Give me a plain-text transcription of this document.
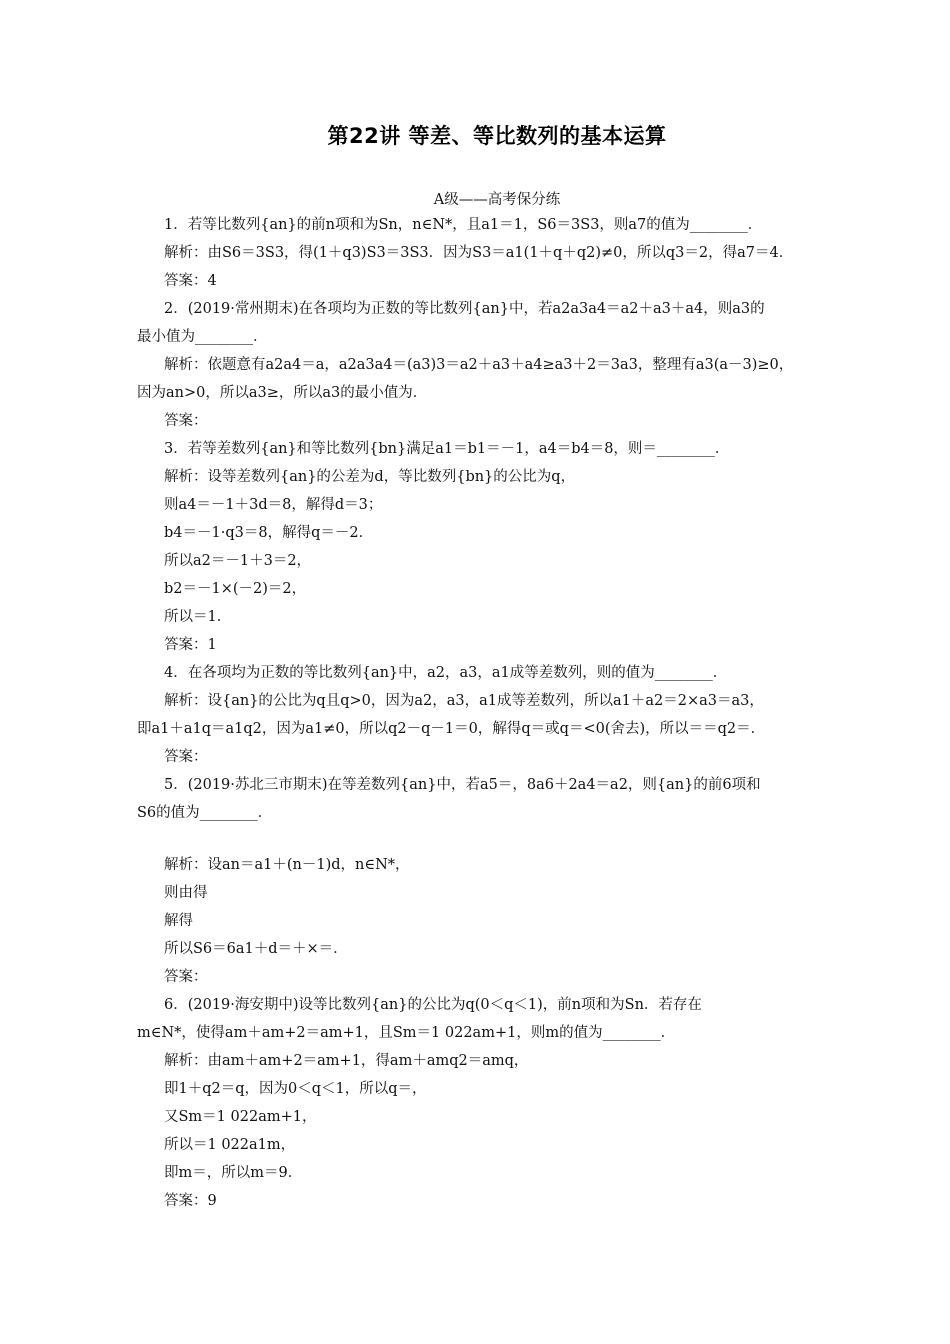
第22讲 等差、等比数列的基本运算
A级——高考保分练
1．若等比数列{an}的前n项和为Sn，n∈N*，且a1＝1，S6＝3S3，则a7的值为________．
解析：由S6＝3S3，得(1＋q3)S3＝3S3．因为S3＝a1(1＋q＋q2)≠0，所以q3＝2，得a7＝4．
答案：4
2．(2019·常州期末)在各项均为正数的等比数列{an}中，若a2a3a4＝a2＋a3＋a4，则a3的
最小值为________．
解析：依题意有a2a4＝a，a2a3a4＝(a3)3＝a2＋a3＋a4≥a3＋2＝3a3，整理有a3(a－3)≥0，
因为an>0，所以a3≥，所以a3的最小值为．
答案：
3．若等差数列{an}和等比数列{bn}满足a1＝b1＝－1，a4＝b4＝8，则＝________．
解析：设等差数列{an}的公差为d，等比数列{bn}的公比为q，
则a4＝－1＋3d＝8，解得d＝3；
b4＝－1·q3＝8，解得q＝－2．
所以a2＝－1＋3＝2，
b2＝－1×(－2)＝2，
所以＝1．
答案：1
4．在各项均为正数的等比数列{an}中，a2，a3，a1成等差数列，则的值为________．
解析：设{an}的公比为q且q>0，因为a2，a3，a1成等差数列，所以a1＋a2＝2×a3＝a3，
即a1＋a1q＝a1q2，因为a1≠0，所以q2－q－1＝0，解得q＝或q＝<0(舍去)，所以＝＝q2＝．
答案：
5．(2019·苏北三市期末)在等差数列{an}中，若a5＝，8a6＋2a4＝a2，则{an}的前6项和
S6的值为________．
解析：设an＝a1＋(n－1)d，n∈N*，
则由得
解得
所以S6＝6a1＋d＝＋×＝．
答案：
6．(2019·海安期中)设等比数列{an}的公比为q(0＜q＜1)，前n项和为Sn．若存在
m∈N*，使得am＋am+2＝am+1，且Sm＝1 022am+1，则m的值为________．
解析：由am＋am+2＝am+1，得am＋amq2＝amq，
即1＋q2＝q，因为0＜q＜1，所以q＝，
又Sm＝1 022am+1，
所以＝1 022a1m，
即m＝，所以m＝9．
答案：9
